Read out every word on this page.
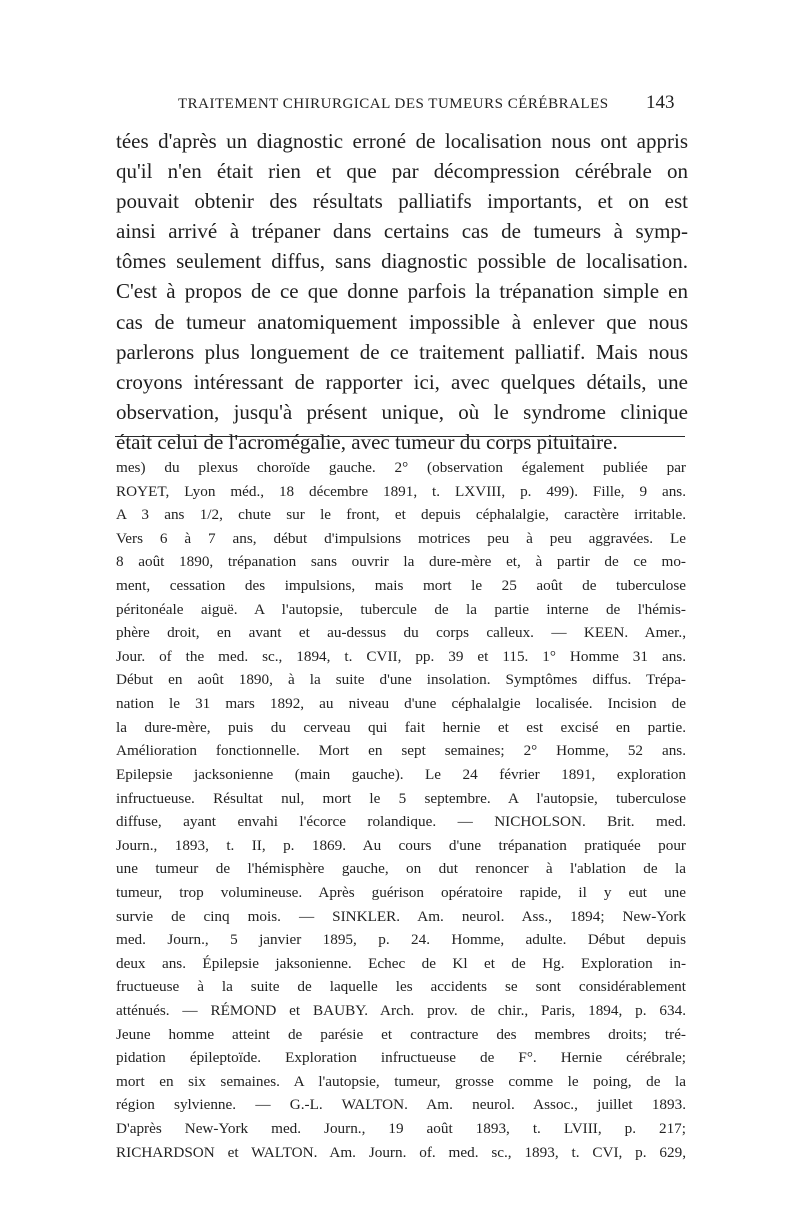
TRAITEMENT CHIRURGICAL DES TUMEURS CÉRÉBRALES	143
tées d'après un diagnostic erroné de localisation nous ont appris
qu'il n'en était rien et que par décompression cérébrale on
pouvait obtenir des résultats palliatifs importants, et on est
ainsi arrivé à trépaner dans certains cas de tumeurs à symp-
tômes seulement diffus, sans diagnostic possible de localisation.
C'est à propos de ce que donne parfois la trépanation simple en
cas de tumeur anatomiquement impossible à enlever que nous
parlerons plus longuement de ce traitement palliatif. Mais nous
croyons intéressant de rapporter ici, avec quelques détails, une
observation, jusqu'à présent unique, où le syndrome clinique
était celui de l'acromégalie, avec tumeur du corps pituitaire.
mes) du plexus choroïde gauche. 2° (observation également publiée par
ROYET, Lyon méd., 18 décembre 1891, t. LXVIII, p. 499). Fille, 9 ans.
A 3 ans 1/2, chute sur le front, et depuis céphalalgie, caractère irritable.
Vers 6 à 7 ans, début d'impulsions motrices peu à peu aggravées. Le
8 août 1890, trépanation sans ouvrir la dure-mère et, à partir de ce mo-
ment, cessation des impulsions, mais mort le 25 août de tuberculose
péritonéale aiguë. A l'autopsie, tubercule de la partie interne de l'hémis-
phère droit, en avant et au-dessus du corps calleux. — KEEN. Amer.,
Jour. of the med. sc., 1894, t. CVII, pp. 39 et 115. 1° Homme 31 ans.
Début en août 1890, à la suite d'une insolation. Symptômes diffus. Trépa-
nation le 31 mars 1892, au niveau d'une céphalalgie localisée. Incision de
la dure-mère, puis du cerveau qui fait hernie et est excisé en partie.
Amélioration fonctionnelle. Mort en sept semaines; 2° Homme, 52 ans.
Epilepsie jacksonienne (main gauche). Le 24 février 1891, exploration
infructueuse. Résultat nul, mort le 5 septembre. A l'autopsie, tuberculose
diffuse, ayant envahi l'écorce rolandique. — NICHOLSON. Brit. med.
Journ., 1893, t. II, p. 1869. Au cours d'une trépanation pratiquée pour
une tumeur de l'hémisphère gauche, on dut renoncer à l'ablation de la
tumeur, trop volumineuse. Après guérison opératoire rapide, il y eut une
survie de cinq mois. — SINKLER. Am. neurol. Ass., 1894; New-York
med. Journ., 5 janvier 1895, p. 24. Homme, adulte. Début depuis
deux ans. Épilepsie jaksonienne. Echec de Kl et de Hg. Exploration in-
fructueuse à la suite de laquelle les accidents se sont considérablement
atténués. — RÉMOND et BAUBY. Arch. prov. de chir., Paris, 1894, p. 634.
Jeune homme atteint de parésie et contracture des membres droits; tré-
pidation épileptoïde. Exploration infructueuse de F°. Hernie cérébrale;
mort en six semaines. A l'autopsie, tumeur, grosse comme le poing, de la
région sylvienne. — G.-L. WALTON. Am. neurol. Assoc., juillet 1893.
D'après New-York med. Journ., 19 août 1893, t. LVIII, p. 217;
RICHARDSON et WALTON. Am. Journ. of. med. sc., 1893, t. CVI, p. 629,
